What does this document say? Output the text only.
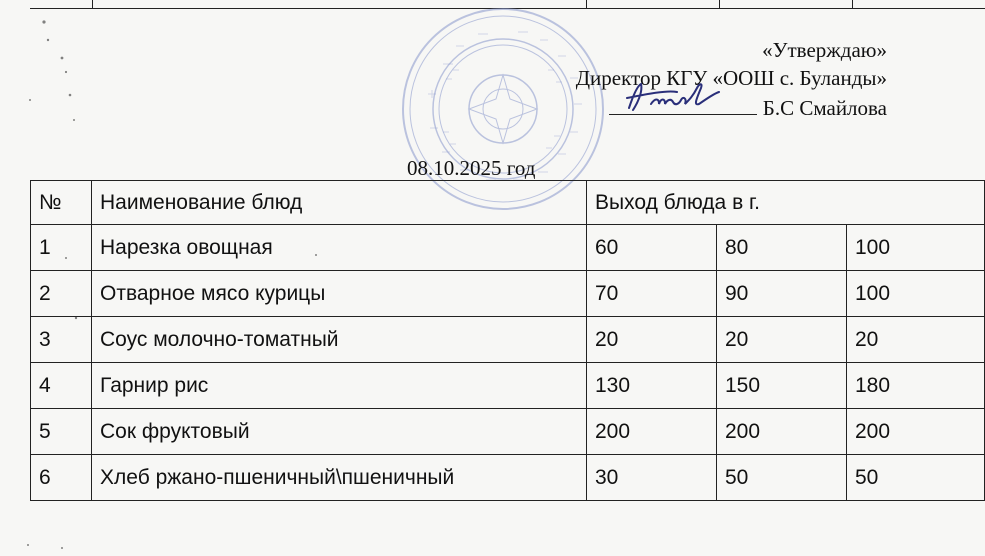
«Утверждаю»
Директор КГУ «ООШ с. Буланды»
Б.С Смайлова
08.10.2025 год
№	Наименование блюд	Выход блюда в г.		
1	Нарезка овощная	60	80	100
2	Отварное мясо курицы	70	90	100
3	Соус молочно-томатный	20	20	20
4	Гарнир рис	130	150	180
5	Сок фруктовый	200	200	200
6	Хлеб ржано-пшеничный\пшеничный	30	50	50
